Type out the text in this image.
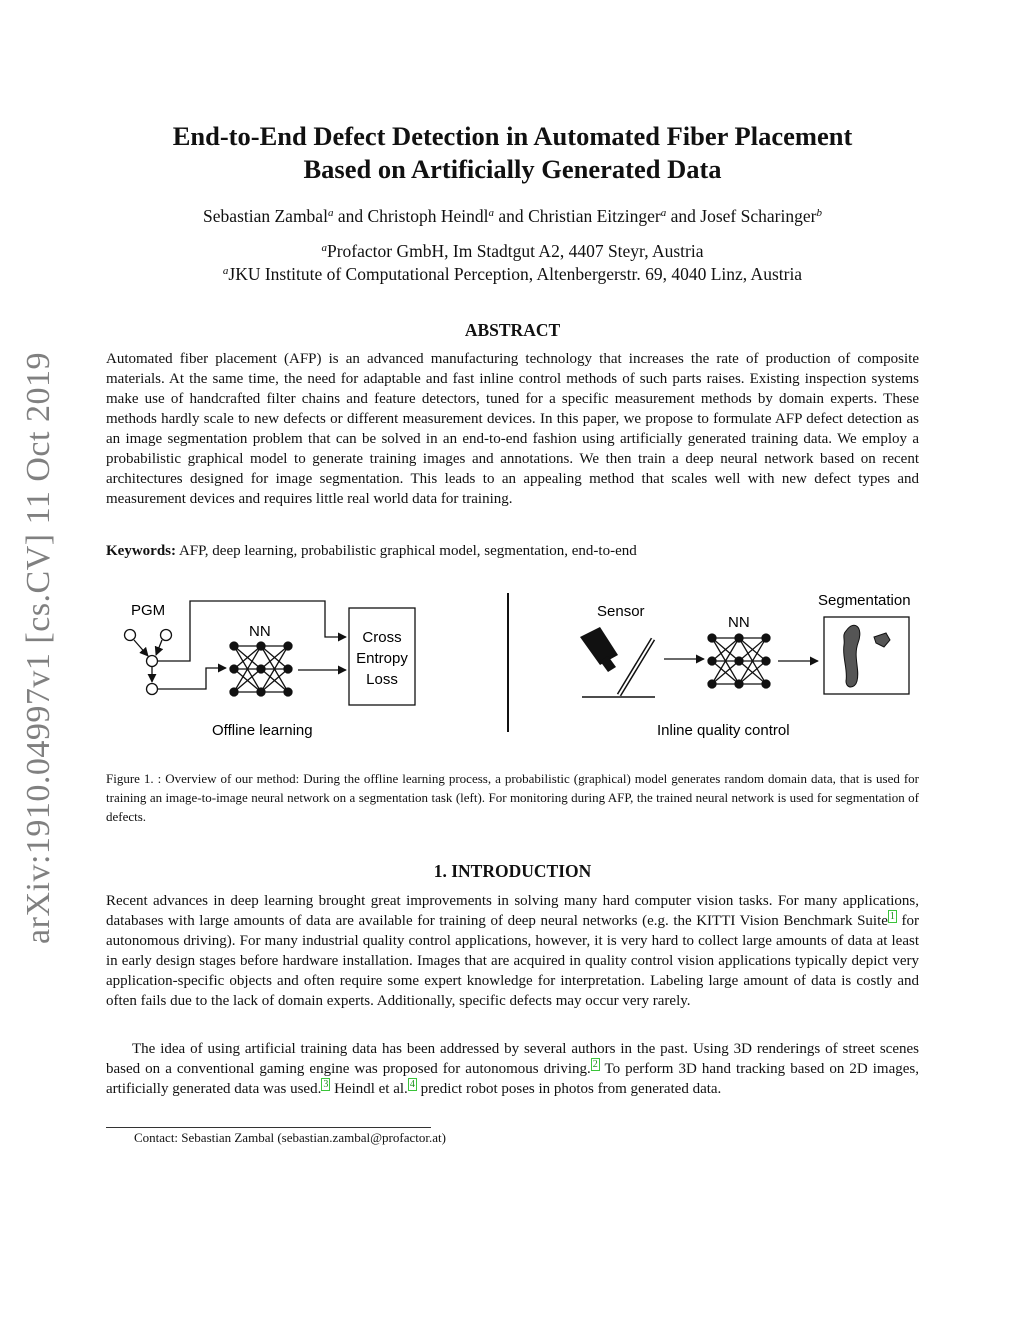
arXiv:1910.04997v1 [cs.CV] 11 Oct 2019
End-to-End Defect Detection in Automated Fiber Placement
Based on Artificially Generated Data
Sebastian Zambal$^a$ and Christoph Heindl$^a$ and Christian Eitzinger$^a$ and Josef Scharinger$^b$
$^a$Profactor GmbH, Im Stadtgut A2, 4407 Steyr, Austria
$^a$JKU Institute of Computational Perception, Altenbergerstr. 69, 4040 Linz, Austria
ABSTRACT

Automated fiber placement (AFP) is an advanced manufacturing technology that increases the rate of production of composite materials. At the same time, the need for adaptable and fast inline control methods of such parts raises. Existing inspection systems make use of handcrafted filter chains and feature detectors, tuned for a specific measurement methods by domain experts. These methods hardly scale to new defects or different measurement devices. In this paper, we propose to formulate AFP defect detection as an image segmentation problem that can be solved in an end-to-end fashion using artificially generated training data. We employ a probabilistic graphical model to generate training images and annotations. We then train a deep neural network based on recent architectures designed for image segmentation. This leads to an appealing method that scales well with new defect types and measurement devices and requires little real world data for training.

Keywords: AFP, deep learning, probabilistic graphical model, segmentation, end-to-end

Figure 1. : Overview of our method: During the offline learning process, a probabilistic (graphical) model generates random domain data, that is used for training an image-to-image neural network on a segmentation task (left). For monitoring during AFP, the trained neural network is used for segmentation of defects.

1. INTRODUCTION

Recent advances in deep learning brought great improvements in solving many hard computer vision tasks. For many applications, databases with large amounts of data are available for training of deep neural networks (e.g. the KITTI Vision Benchmark Suite $^1$ for autonomous driving). For many industrial quality control applications, however, it is very hard to collect large amounts of data at least in early design stages before hardware installation. Images that are acquired in quality control vision applications typically depict very application-specific objects and often require some expert knowledge for interpretation. Labeling large amount of data is costly and often fails due to the lack of domain experts. Additionally, specific defects may occur very rarely.

The idea of using artificial training data has been addressed by several authors in the past. Using 3D renderings of street scenes based on a conventional gaming engine was proposed for autonomous driving. $^2$ To perform 3D hand tracking based on 2D images, artificially generated data was used. $^3$ Heindl et al. $^4$ predict robot poses in photos from generated data.

Contact: Sebastian Zambal (sebastian.zambal@profactor.at)
PGM
NN	Cross
Entropy
Loss
Offline learning
Sensor
NN
Segmentation
Inline quality control
